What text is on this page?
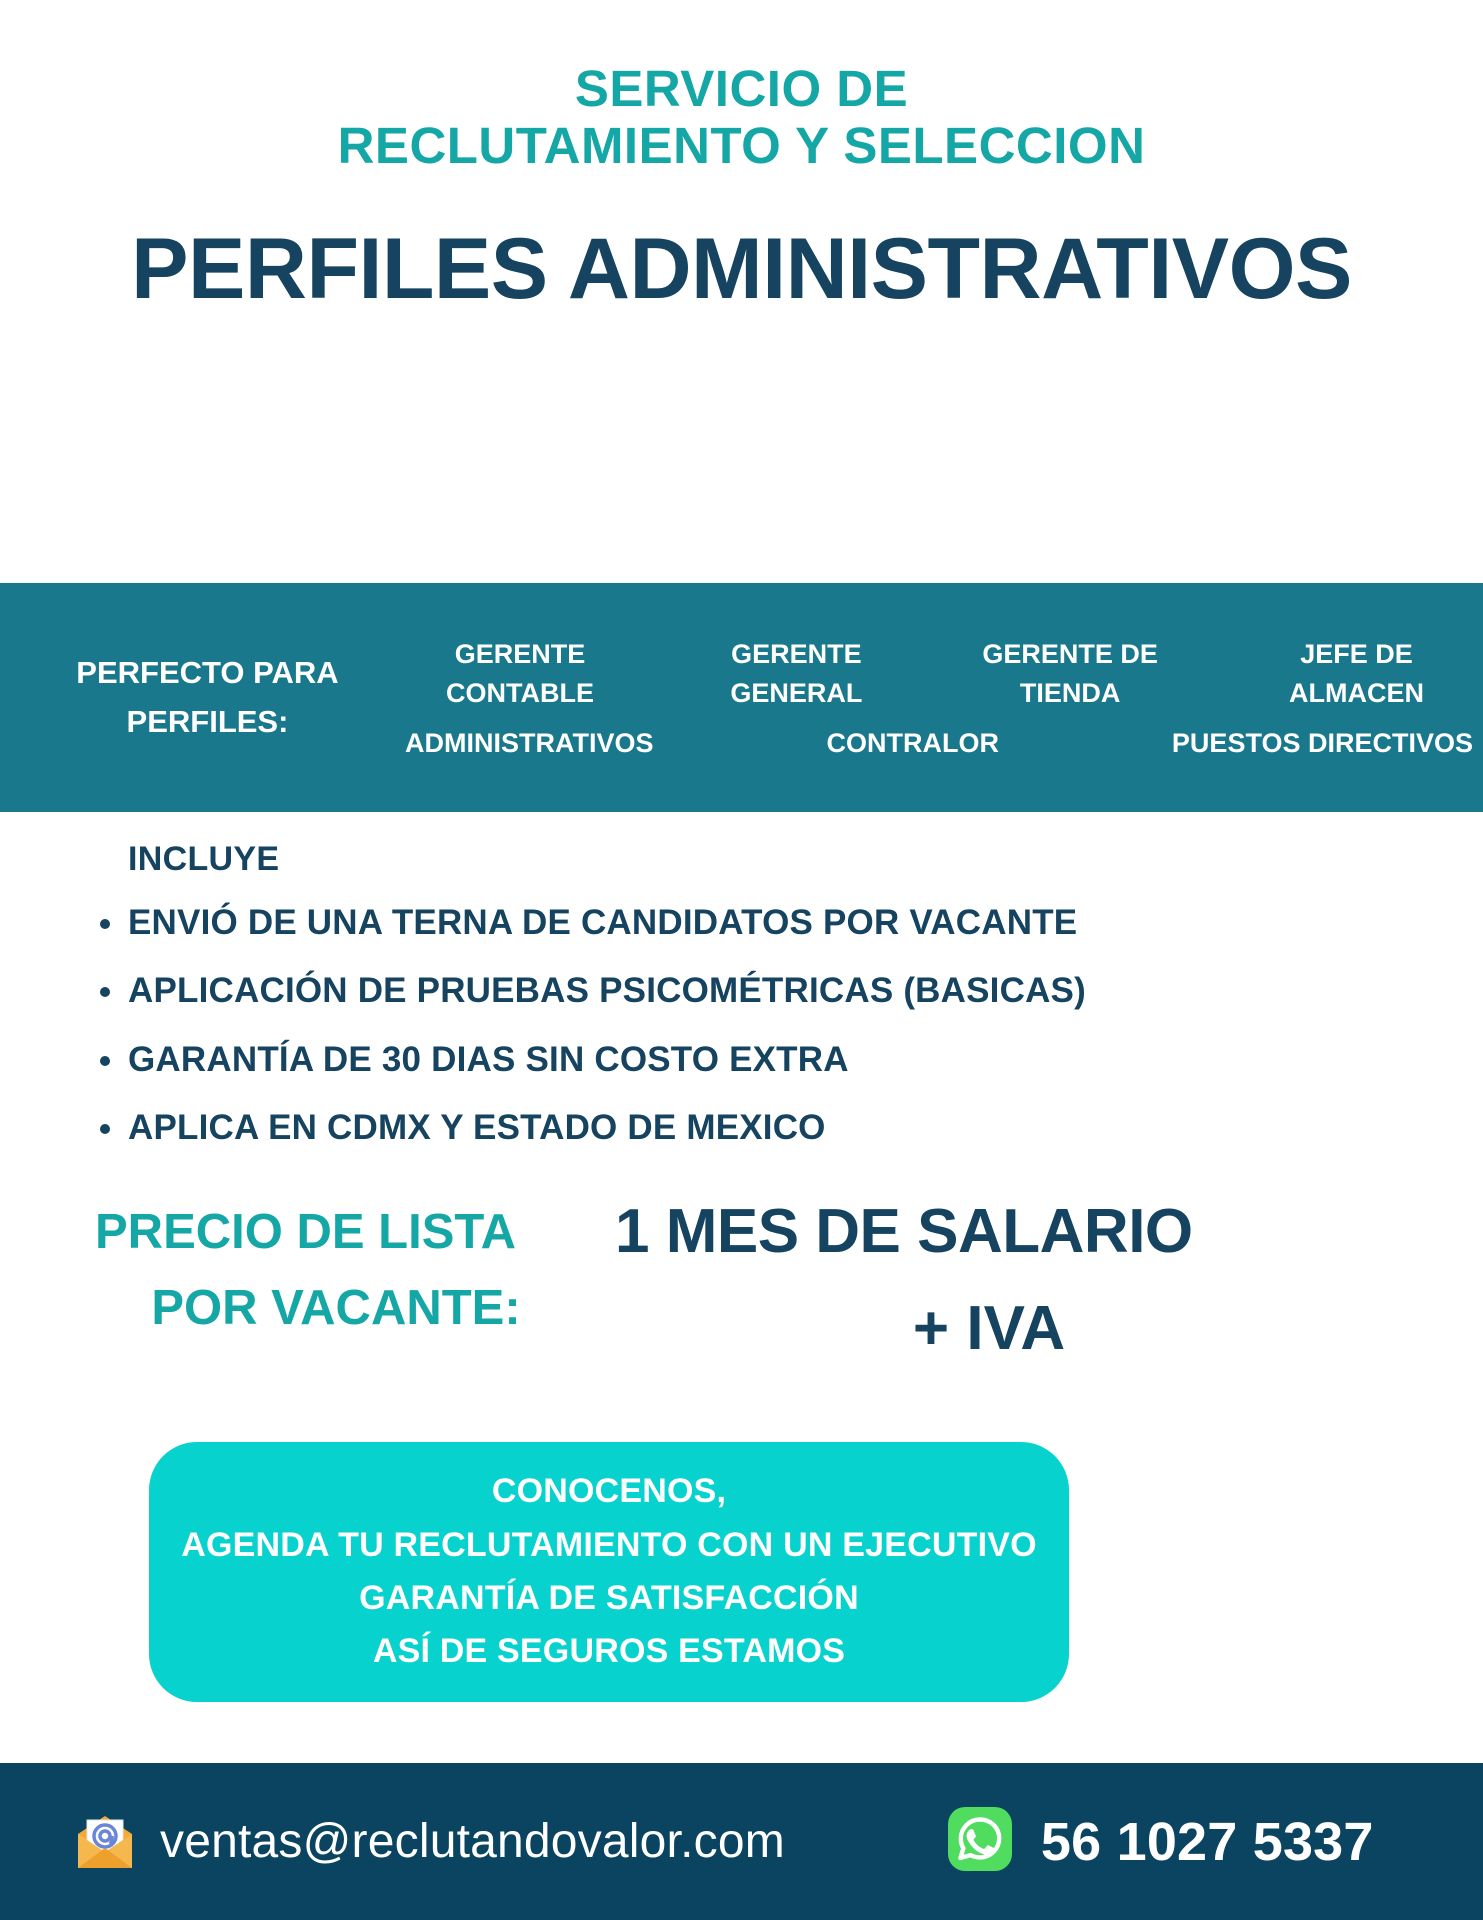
SERVICIO DE
RECLUTAMIENTO Y SELECCION
PERFILES ADMINISTRATIVOS
PERFECTO PARA
PERFILES:
GERENTE
CONTABLE
GERENTE
GENERAL
GERENTE DE
TIENDA
JEFE DE
ALMACEN
ADMINISTRATIVOS	CONTRALOR	PUESTOS DIRECTIVOS
INCLUYE
ENVIÓ DE UNA TERNA DE CANDIDATOS POR VACANTE
APLICACIÓN DE PRUEBAS PSICOMÉTRICAS (BASICAS)
GARANTÍA DE 30 DIAS SIN COSTO EXTRA
APLICA EN CDMX Y ESTADO DE MEXICO
PRECIO DE LISTA
POR VACANTE:
1 MES DE SALARIO
+ IVA
CONOCENOS,
AGENDA TU RECLUTAMIENTO CON UN EJECUTIVO
GARANTÍA DE SATISFACCIÓN
ASÍ DE SEGUROS ESTAMOS
ventas@reclutandovalor.com	56 1027 5337
